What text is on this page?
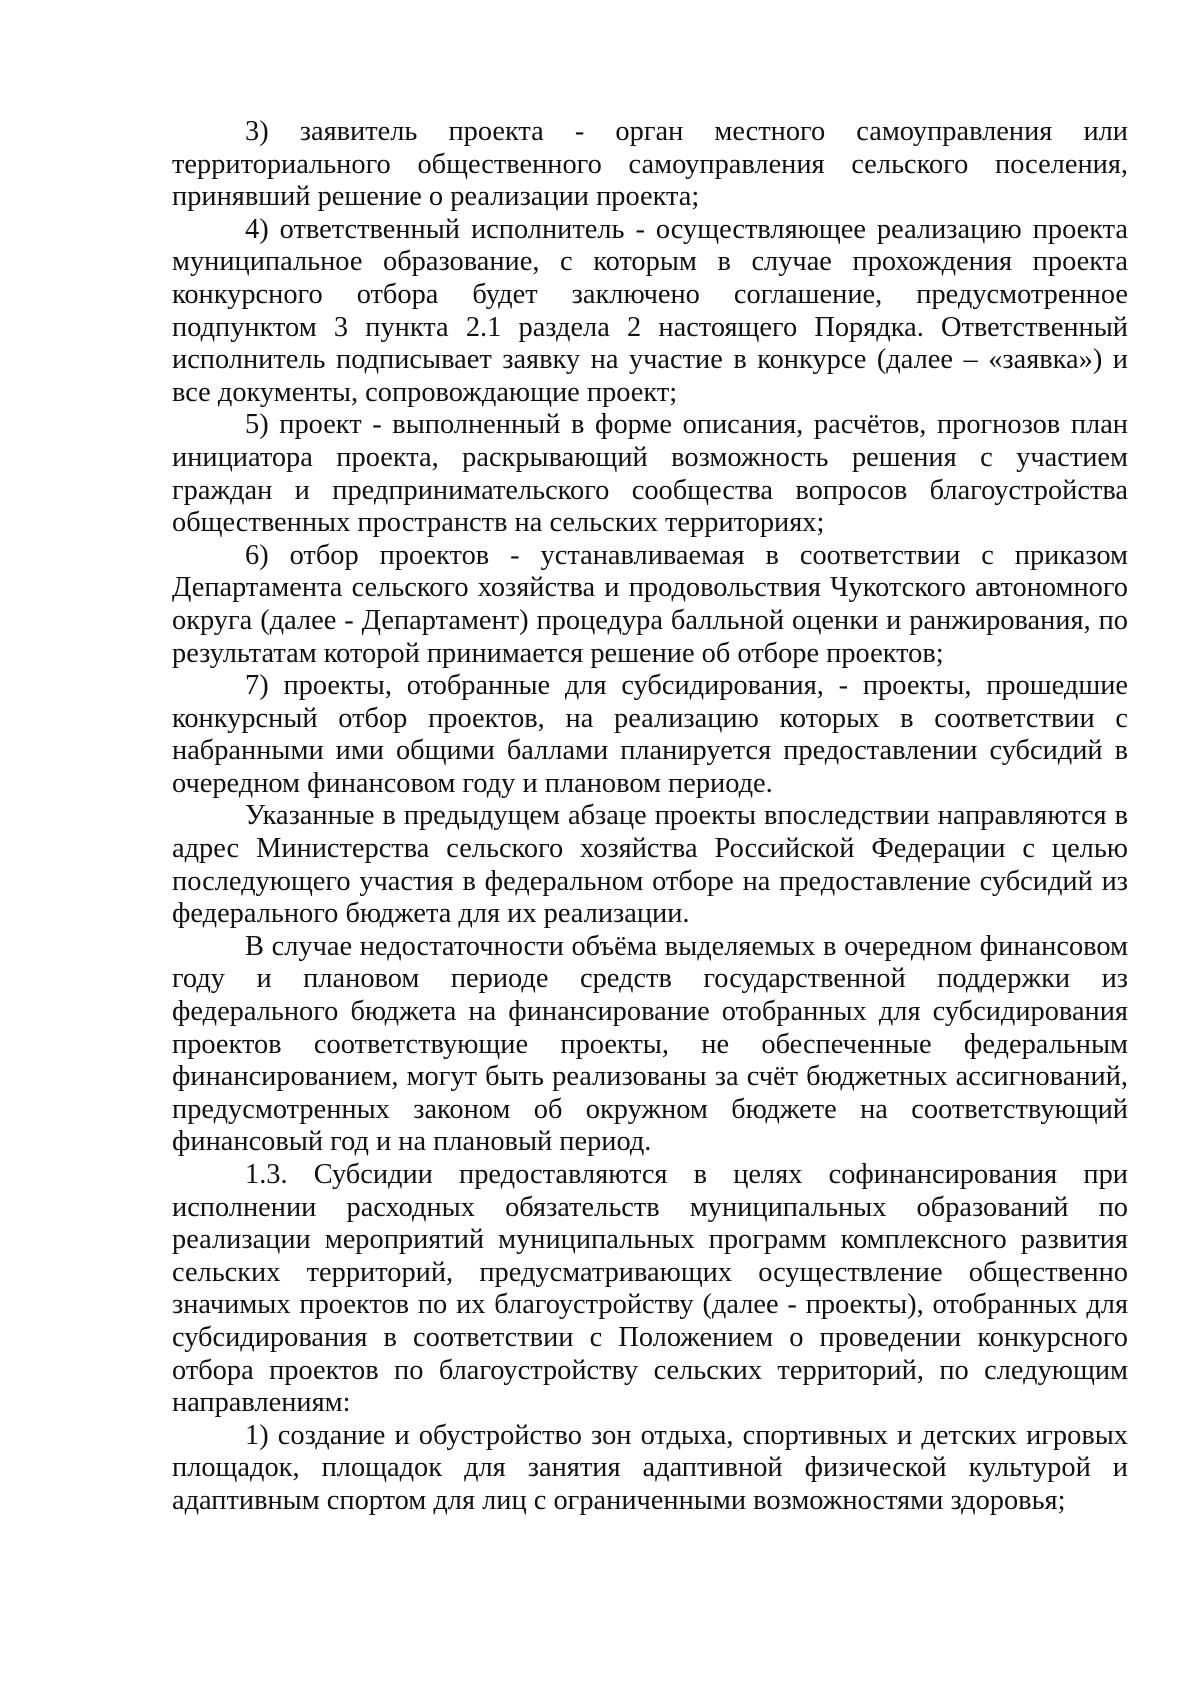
3) заявитель проекта - орган местного самоуправления или территориального общественного самоуправления сельского поселения, принявший решение о реализации проекта;

4) ответственный исполнитель - осуществляющее реализацию проекта муниципальное образование, с которым в случае прохождения проекта конкурсного отбора будет заключено соглашение, предусмотренное подпунктом 3 пункта 2.1 раздела 2 настоящего Порядка. Ответственный исполнитель подписывает заявку на участие в конкурсе (далее – «заявка») и все документы, сопровождающие проект;

5) проект - выполненный в форме описания, расчётов, прогнозов план инициатора проекта, раскрывающий возможность решения с участием граждан и предпринимательского сообщества вопросов благоустройства общественных пространств на сельских территориях;

6) отбор проектов - устанавливаемая в соответствии с приказом Департамента сельского хозяйства и продовольствия Чукотского автономного округа (далее - Департамент) процедура балльной оценки и ранжирования, по результатам которой принимается решение об отборе проектов;

7) проекты, отобранные для субсидирования, - проекты, прошедшие конкурсный отбор проектов, на реализацию которых в соответствии с набранными ими общими баллами планируется предоставлении субсидий в очередном финансовом году и плановом периоде.

Указанные в предыдущем абзаце проекты впоследствии направляются в адрес Министерства сельского хозяйства Российской Федерации с целью последующего участия в федеральном отборе на предоставление субсидий из федерального бюджета для их реализации.

В случае недостаточности объёма выделяемых в очередном финансовом году и плановом периоде средств государственной поддержки из федерального бюджета на финансирование отобранных для субсидирования проектов соответствующие проекты, не обеспеченные федеральным финансированием, могут быть реализованы за счёт бюджетных ассигнований, предусмотренных законом об окружном бюджете на соответствующий финансовый год и на плановый период.

1.3. Субсидии предоставляются в целях софинансирования при исполнении расходных обязательств муниципальных образований по реализации мероприятий муниципальных программ комплексного развития сельских территорий, предусматривающих осуществление общественно значимых проектов по их благоустройству (далее - проекты), отобранных для субсидирования в соответствии с Положением о проведении конкурсного отбора проектов по благоустройству сельских территорий, по следующим направлениям:

1) создание и обустройство зон отдыха, спортивных и детских игровых площадок, площадок для занятия адаптивной физической культурой и адаптивным спортом для лиц с ограниченными возможностями здоровья;
